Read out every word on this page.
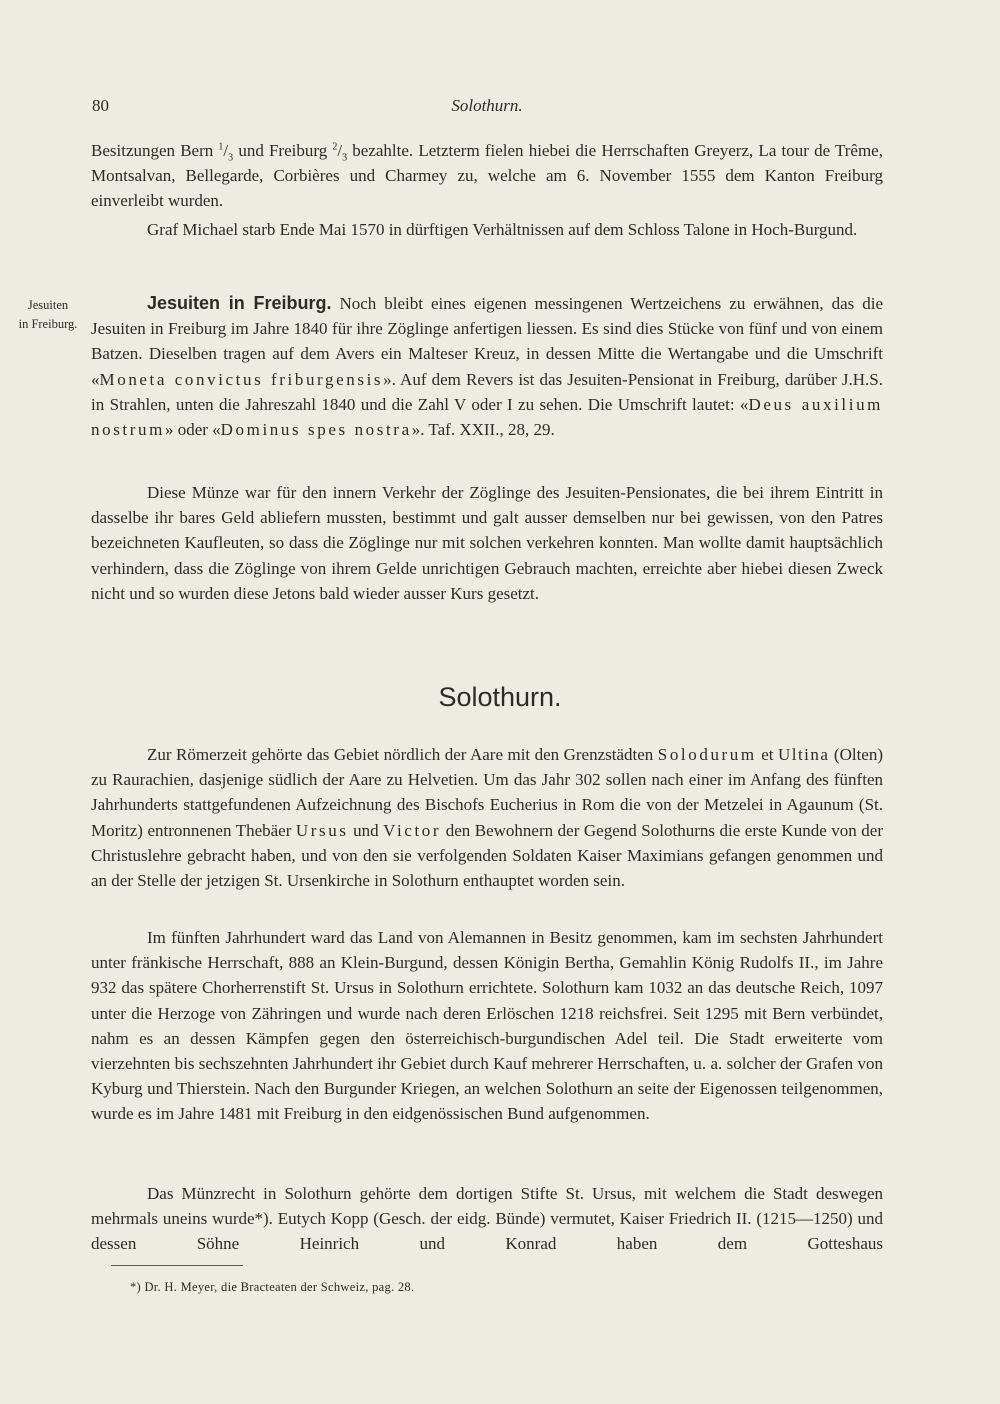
80	Solothurn.

Besitzungen Bern $^1/_3$ und Freiburg $^2/_3$ bezahlte. Letzterm fielen hiebei die Herrschaften Greyerz, La tour de Trême, Montsalvan, Bellegarde, Corbières und Charmey zu, welche am 6. November 1555 dem Kanton Freiburg einverleibt wurden.

Graf Michael starb Ende Mai 1570 in dürftigen Verhältnissen auf dem Schloss Talone in Hoch-Burgund.

Jesuiten
in Freiburg.

Jesuiten in Freiburg. Noch bleibt eines eigenen messingenen Wertzeichens zu erwähnen, das die Jesuiten in Freiburg im Jahre 1840 für ihre Zöglinge anfertigen liessen. Es sind dies Stücke von fünf und von einem Batzen. Dieselben tragen auf dem Avers ein Malteser Kreuz, in dessen Mitte die Wertangabe und die Umschrift «Moneta convictus friburgensis». Auf dem Revers ist das Jesuiten-Pensionat in Freiburg, darüber J.H.S. in Strahlen, unten die Jahreszahl 1840 und die Zahl V oder I zu sehen. Die Umschrift lautet: «Deus auxilium nostrum» oder «Dominus spes nostra». Taf. XXII., 28, 29.

Diese Münze war für den innern Verkehr der Zöglinge des Jesuiten-Pensionates, die bei ihrem Eintritt in dasselbe ihr bares Geld abliefern mussten, bestimmt und galt ausser demselben nur bei gewissen, von den Patres bezeichneten Kaufleuten, so dass die Zöglinge nur mit solchen verkehren konnten. Man wollte damit hauptsächlich verhindern, dass die Zöglinge von ihrem Gelde unrichtigen Gebrauch machten, erreichte aber hiebei diesen Zweck nicht und so wurden diese Jetons bald wieder ausser Kurs gesetzt.

Solothurn.

Zur Römerzeit gehörte das Gebiet nördlich der Aare mit den Grenzstädten Solodurum et Ultina (Olten) zu Raurachien, dasjenige südlich der Aare zu Helvetien. Um das Jahr 302 sollen nach einer im Anfang des fünften Jahrhunderts stattgefundenen Aufzeichnung des Bischofs Eucherius in Rom die von der Metzelei in Agaunum (St. Moritz) entronnenen Thebäer Ursus und Victor den Bewohnern der Gegend Solothurns die erste Kunde von der Christuslehre gebracht haben, und von den sie verfolgenden Soldaten Kaiser Maximians gefangen genommen und an der Stelle der jetzigen St. Ursenkirche in Solothurn enthauptet worden sein.

Im fünften Jahrhundert ward das Land von Alemannen in Besitz genommen, kam im sechsten Jahrhundert unter fränkische Herrschaft, 888 an Klein-Burgund, dessen Königin Bertha, Gemahlin König Rudolfs II., im Jahre 932 das spätere Chorherrenstift St. Ursus in Solothurn errichtete. Solothurn kam 1032 an das deutsche Reich, 1097 unter die Herzoge von Zähringen und wurde nach deren Erlöschen 1218 reichsfrei. Seit 1295 mit Bern verbündet, nahm es an dessen Kämpfen gegen den österreichisch-burgundischen Adel teil. Die Stadt erweiterte vom vierzehnten bis sechszehnten Jahrhundert ihr Gebiet durch Kauf mehrerer Herrschaften, u. a. solcher der Grafen von Kyburg und Thierstein. Nach den Burgunder Kriegen, an welchen Solothurn an seite der Eigenossen teilgenommen, wurde es im Jahre 1481 mit Freiburg in den eidgenössischen Bund aufgenommen.

Das Münzrecht in Solothurn gehörte dem dortigen Stifte St. Ursus, mit welchem die Stadt deswegen mehrmals uneins wurde*). Eutych Kopp (Gesch. der eidg. Bünde) vermutet, Kaiser Friedrich II. (1215—1250) und dessen Söhne Heinrich und Konrad haben dem Gotteshaus

*) Dr. H. Meyer, die Bracteaten der Schweiz, pag. 28.
